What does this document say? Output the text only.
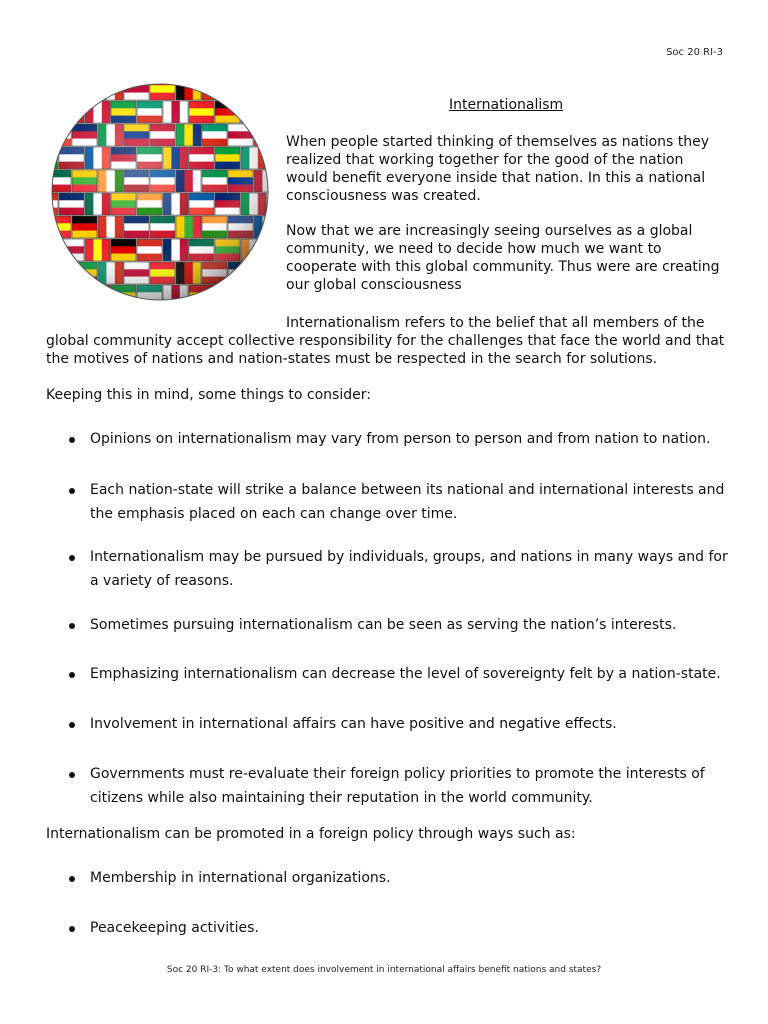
Soc 20 RI-3
Internationalism

When people started thinking of themselves as nations they realized that working together for the good of the nation would benefit everyone inside that nation. In this a national consciousness was created.

Now that we are increasingly seeing ourselves as a global community, we need to decide how much we want to cooperate with this global community. Thus were are creating our global consciousness

Internationalism refers to the belief that all members of the

global community accept collective responsibility for the challenges that face the world and that the motives of nations and nation-states must be respected in the search for solutions.

Keeping this in mind, some things to consider:

Opinions on internationalism may vary from person to person and from nation to nation.
Each nation-state will strike a balance between its national and international interests and the emphasis placed on each can change over time.
Internationalism may be pursued by individuals, groups, and nations in many ways and for a variety of reasons.
Sometimes pursuing internationalism can be seen as serving the nation’s interests.
Emphasizing internationalism can decrease the level of sovereignty felt by a nation-state.
Involvement in international affairs can have positive and negative effects.
Governments must re-evaluate their foreign policy priorities to promote the interests of citizens while also maintaining their reputation in the world community.

Internationalism can be promoted in a foreign policy through ways such as:

Membership in international organizations.
Peacekeeping activities.
Soc 20 RI-3: To what extent does involvement in international affairs benefit nations and states?
